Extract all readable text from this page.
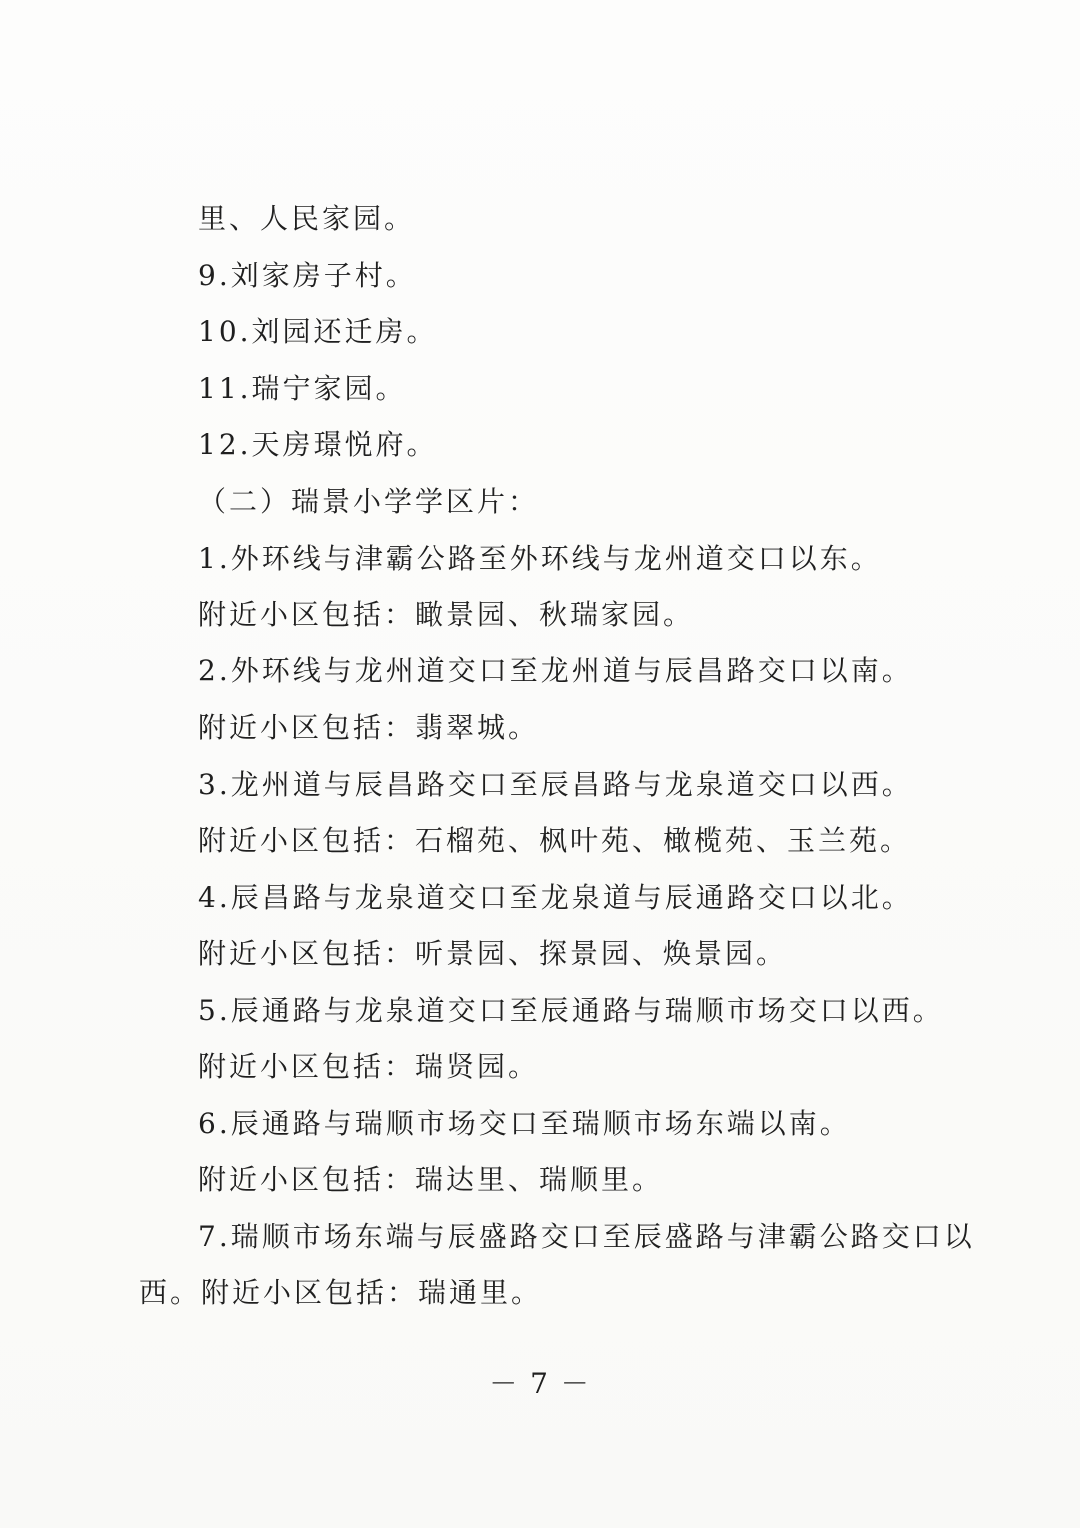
里、人民家园。
9.刘家房子村。
10.刘园还迁房。
11.瑞宁家园。
12.天房璟悦府。
（二）瑞景小学学区片：
1.外环线与津霸公路至外环线与龙州道交口以东。
附近小区包括：瞰景园、秋瑞家园。
2.外环线与龙州道交口至龙州道与辰昌路交口以南。
附近小区包括：翡翠城。
3.龙州道与辰昌路交口至辰昌路与龙泉道交口以西。
附近小区包括：石榴苑、枫叶苑、橄榄苑、玉兰苑。
4.辰昌路与龙泉道交口至龙泉道与辰通路交口以北。
附近小区包括：听景园、探景园、焕景园。
5.辰通路与龙泉道交口至辰通路与瑞顺市场交口以西。
附近小区包括：瑞贤园。
6.辰通路与瑞顺市场交口至瑞顺市场东端以南。
附近小区包括：瑞达里、瑞顺里。
7.瑞顺市场东端与辰盛路交口至辰盛路与津霸公路交口以
西。附近小区包括：瑞通里。
－ 7 －
